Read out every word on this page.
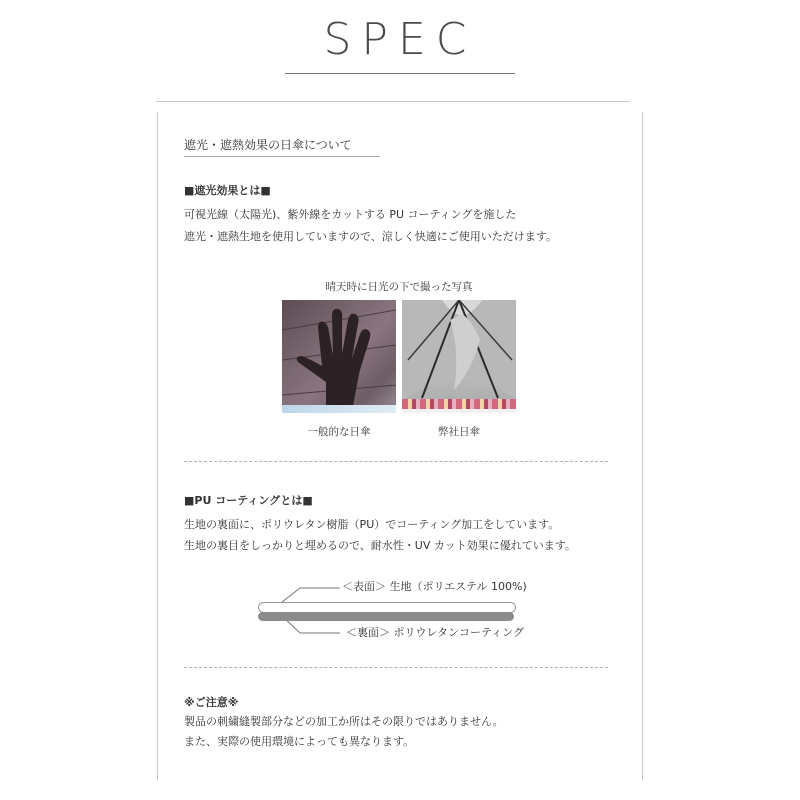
SPEC
遮光・遮熱効果の日傘について
■遮光効果とは■
可視光線（太陽光)、紫外線をカットする PU コーティングを施した
遮光・遮熱生地を使用していますので、涼しく快適にご使用いただけます。
晴天時に日光の下で撮った写真
一般的な日傘	弊社日傘
■PU コーティングとは■
生地の裏面に、ポリウレタン樹脂（PU）でコーティング加工をしています。
生地の裏目をしっかりと埋めるので、耐水性・UV カット効果に優れています。
＜表面＞ 生地（ポリエステル 100%)
＜裏面＞ ポリウレタンコーティング
※ご注意※
製品の刺繍縫製部分などの加工か所はその限りではありません。
また、実際の使用環境によっても異なります。
